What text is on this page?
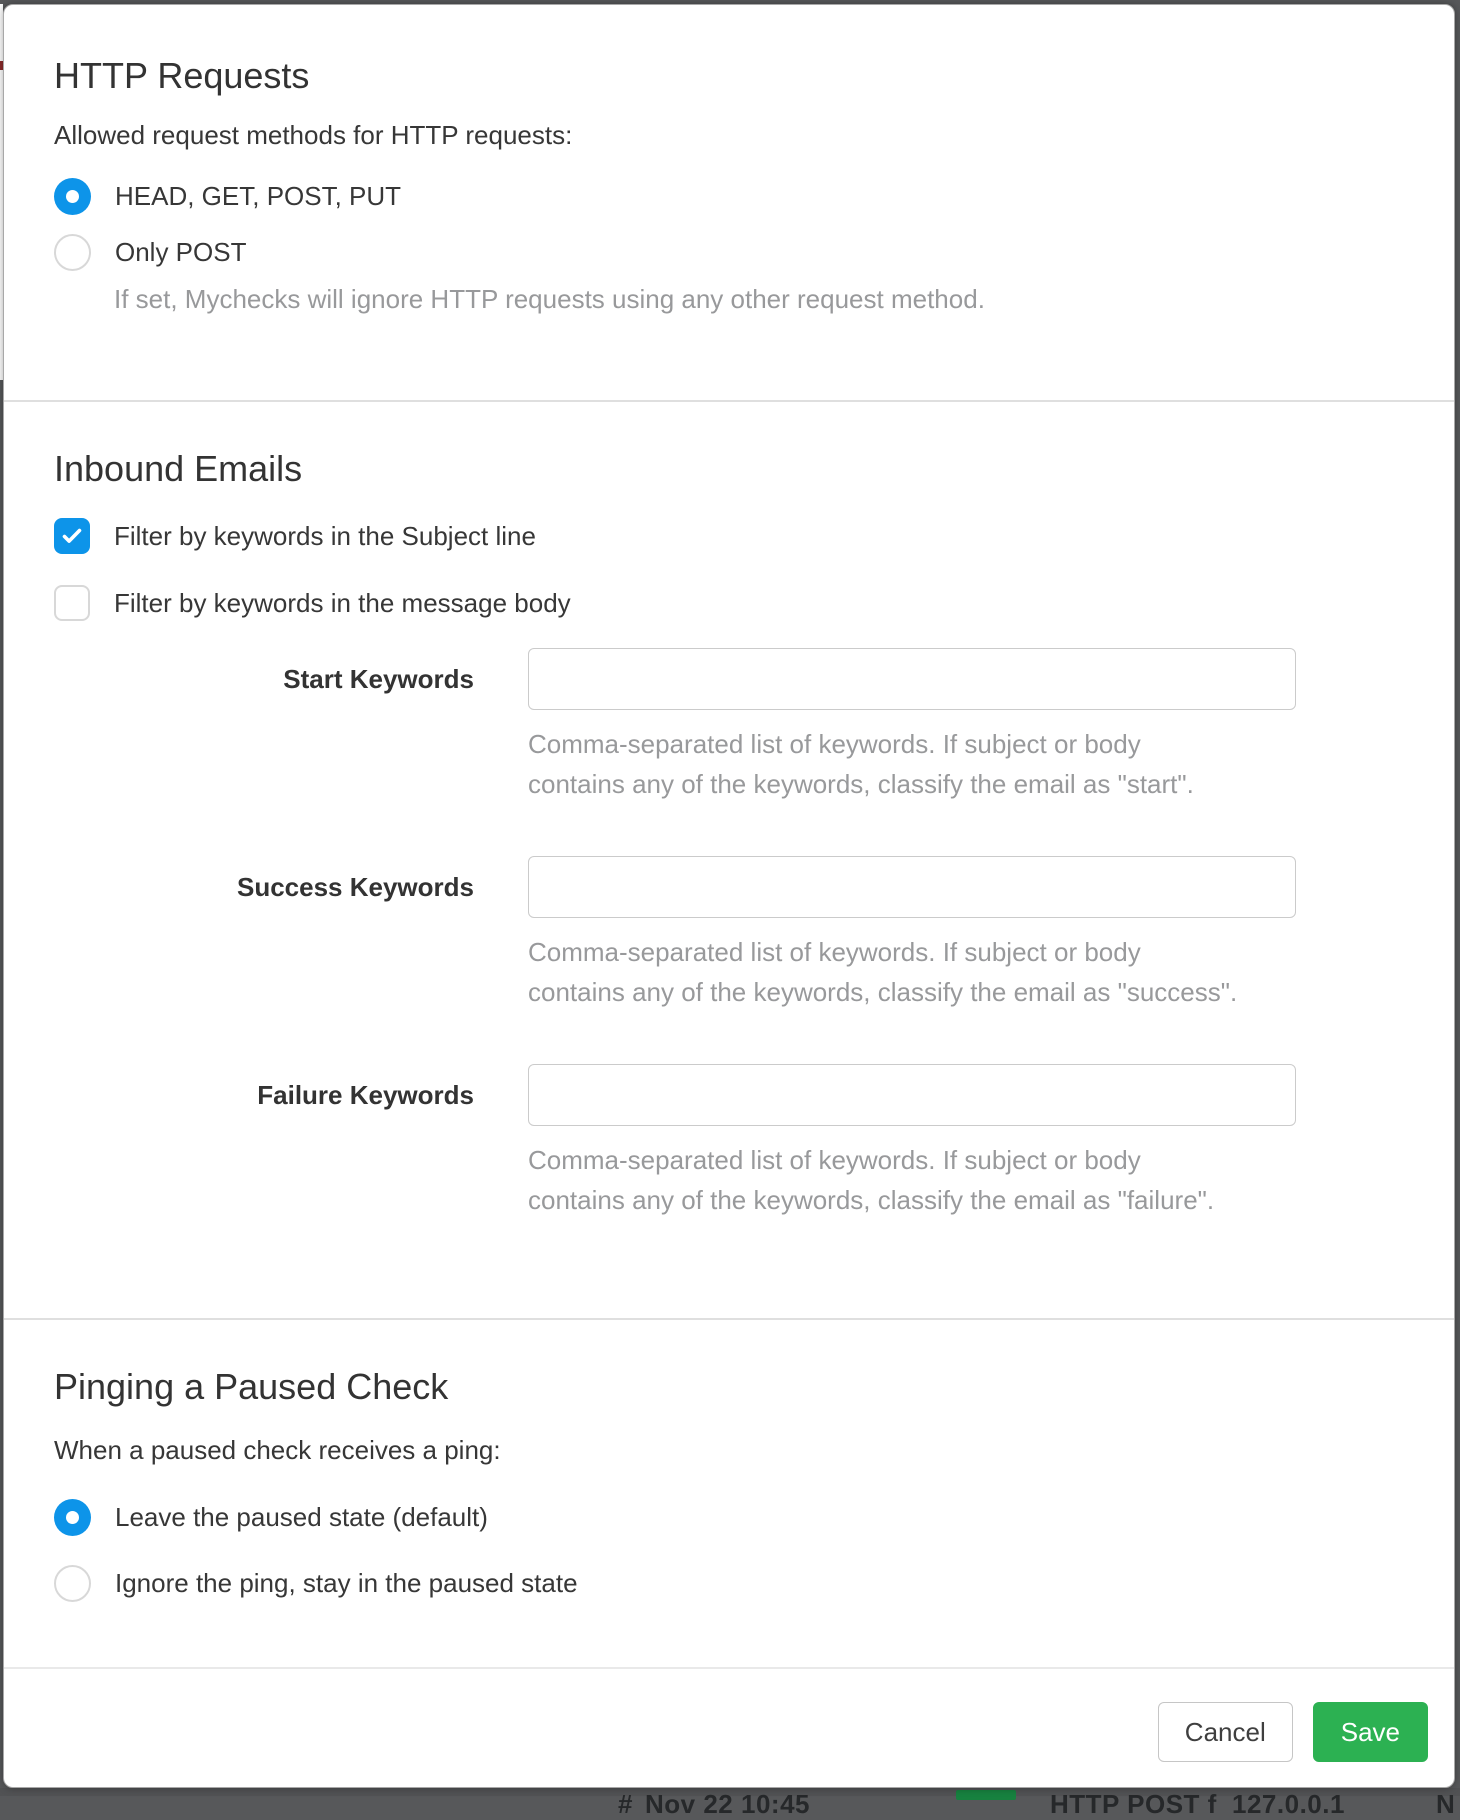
# Nov 22 10:45	HTTP POST f 127.0.0.1	N
HTTP Requests

Allowed request methods for HTTP requests:

HEAD, GET, POST, PUT
Only POST

If set, Mychecks will ignore HTTP requests using any other request method.

Inbound Emails
Filter by keywords in the Subject line
Filter by keywords in the message body
Start Keywords
Comma-separated list of keywords. If subject or body
contains any of the keywords, classify the email as "start".
Success Keywords
Comma-separated list of keywords. If subject or body
contains any of the keywords, classify the email as "success".
Failure Keywords
Comma-separated list of keywords. If subject or body
contains any of the keywords, classify the email as "failure".
Pinging a Paused Check

When a paused check receives a ping:

Leave the paused state (default)
Ignore the ping, stay in the paused state
Cancel	Save
